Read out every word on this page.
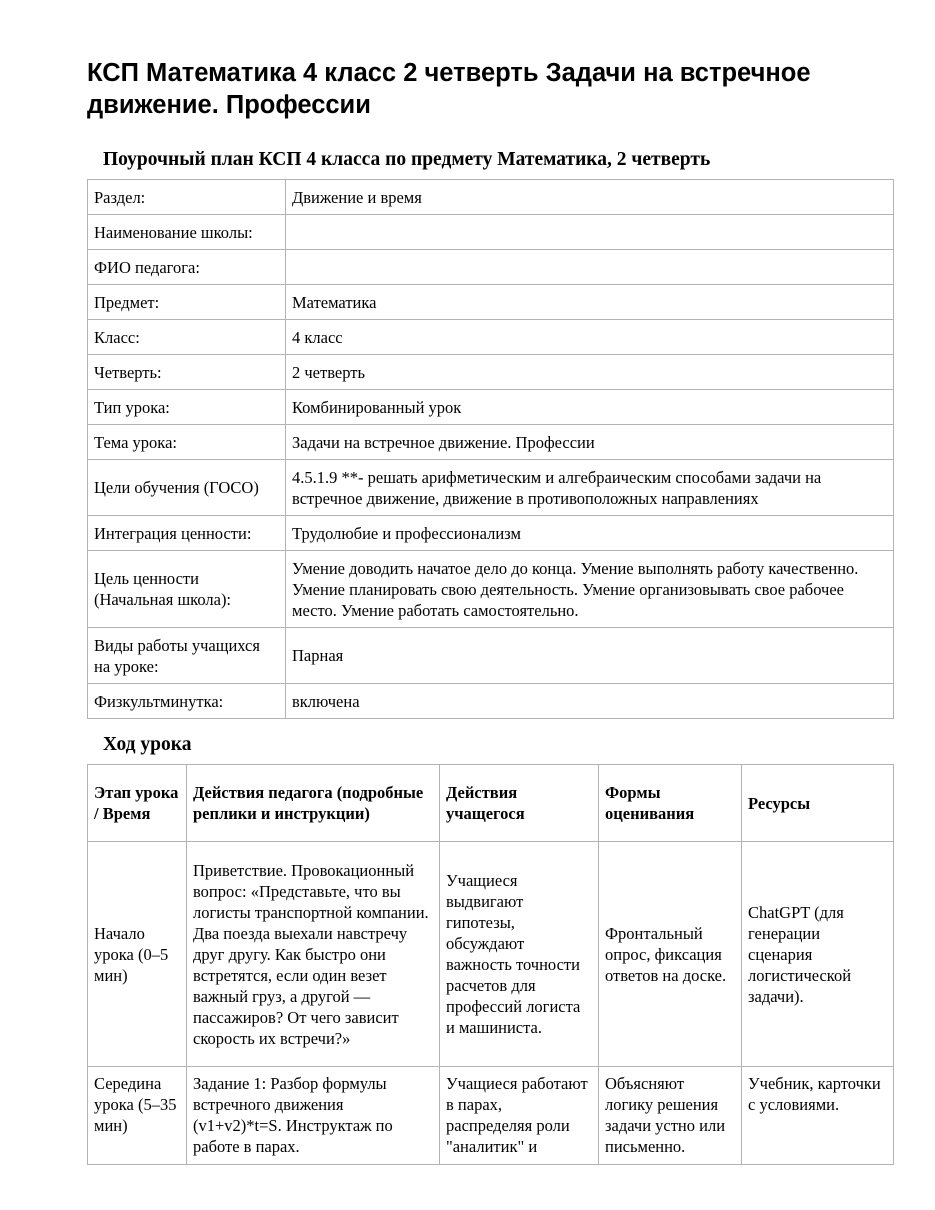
КСП Математика 4 класс 2 четверть Задачи на встречное движение. Профессии
Поурочный план КСП 4 класса по предмету Математика, 2 четверть
Раздел:	Движение и время
Наименование школы:	
ФИО педагога:	
Предмет:	Математика
Класс:	4 класс
Четверть:	2 четверть
Тип урока:	Комбинированный урок
Тема урока:	Задачи на встречное движение. Профессии
Цели обучения (ГОСО)	4.5.1.9 **- решать арифметическим и алгебраическим способами задачи на встречное движение, движение в противоположных направлениях
Интеграция ценности:	Трудолюбие и профессионализм
Цель ценности (Начальная школа):	Умение доводить начатое дело до конца. Умение выполнять работу качественно. Умение планировать свою деятельность. Умение организовывать свое рабочее место. Умение работать самостоятельно.
Виды работы учащихся на уроке:	Парная
Физкультминутка:	включена
Ход урока
Этап урока / Время	Действия педагога (подробные реплики и инструкции)	Действия учащегося	Формы оценивания	Ресурсы
Начало урока (0–5 мин)	Приветствие. Провокационный вопрос: «Представьте, что вы логисты транспортной компании. Два поезда выехали навстречу друг другу. Как быстро они встретятся, если один везет важный груз, а другой — пассажиров? От чего зависит скорость их встречи?»	Учащиеся выдвигают гипотезы, обсуждают важность точности расчетов для профессий логиста и машиниста.	Фронтальный опрос, фиксация ответов на доске.	ChatGPT (для генерации сценария логистической задачи).
Середина урока (5–35 мин)	Задание 1: Разбор формулы встречного движения (v1+v2)*t=S. Инструктаж по работе в парах.	Учащиеся работают в парах, распределяя роли "аналитик" и	Объясняют логику решения задачи устно или письменно.	Учебник, карточки с условиями.
